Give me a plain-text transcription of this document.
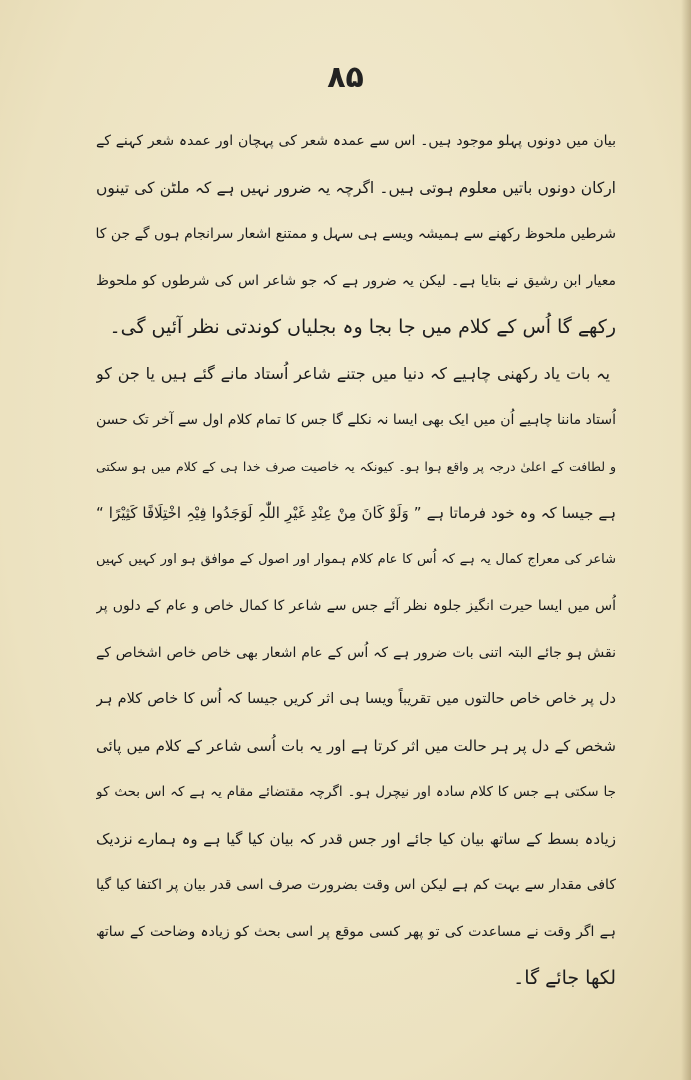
۸۵
بیان میں دونوں پہلو موجود ہیں۔ اس سے عمدہ شعر کی پہچان اور عمدہ شعر کہنے کے
ارکان دونوں باتیں معلوم ہوتی ہیں۔ اگرچہ یہ ضرور نہیں ہے کہ ملٹن کی تینوں
شرطیں ملحوظ رکھنے سے ہمیشہ ویسے ہی سہل و ممتنع اشعار سرانجام ہوں گے جن کا
معیار ابن رشیق نے بتایا ہے۔ لیکن یہ ضرور ہے کہ جو شاعر اس کی شرطوں کو ملحوظ
رکھے گا اُس کے کلام میں جا بجا وہ بجلیاں کوندتی نظر آئیں گی۔
یہ بات یاد رکھنی چاہیے کہ دنیا میں جتنے شاعر اُستاد مانے گئے ہیں یا جن کو
اُستاد ماننا چاہیے اُن میں ایک بھی ایسا نہ نکلے گا جس کا تمام کلام اول سے آخر تک حسن
و لطافت کے اعلیٰ درجہ پر واقع ہوا ہو۔ کیونکہ یہ خاصیت صرف خدا ہی کے کلام میں ہو سکتی
ہے جیسا کہ وہ خود فرماتا ہے ” وَلَوْ کَانَ مِنْ عِنْدِ غَیْرِ اللّٰہِ لَوَجَدُوا فِیْہِ اخْتِلَافًا کَثِیْرًا “
شاعر کی معراج کمال یہ ہے کہ اُس کا عام کلام ہموار اور اصول کے موافق ہو اور کہیں کہیں
اُس میں ایسا حیرت انگیز جلوہ نظر آئے جس سے شاعر کا کمال خاص و عام کے دلوں پر
نقش ہو جائے البتہ اتنی بات ضرور ہے کہ اُس کے عام اشعار بھی خاص خاص اشخاص کے
دل پر خاص خاص حالتوں میں تقریباً ویسا ہی اثر کریں جیسا کہ اُس کا خاص کلام ہر
شخص کے دل پر ہر حالت میں اثر کرتا ہے اور یہ بات اُسی شاعر کے کلام میں پائی
جا سکتی ہے جس کا کلام سادہ اور نیچرل ہو۔ اگرچہ مقتضائے مقام یہ ہے کہ اس بحث کو
زیادہ بسط کے ساتھ بیان کیا جائے اور جس قدر کہ بیان کیا گیا ہے وہ ہمارے نزدیک
کافی مقدار سے بہت کم ہے لیکن اس وقت بضرورت صرف اسی قدر بیان پر اکتفا کیا گیا
ہے اگر وقت نے مساعدت کی تو پھر کسی موقع پر اسی بحث کو زیادہ وضاحت کے ساتھ
لکھا جائے گا۔
